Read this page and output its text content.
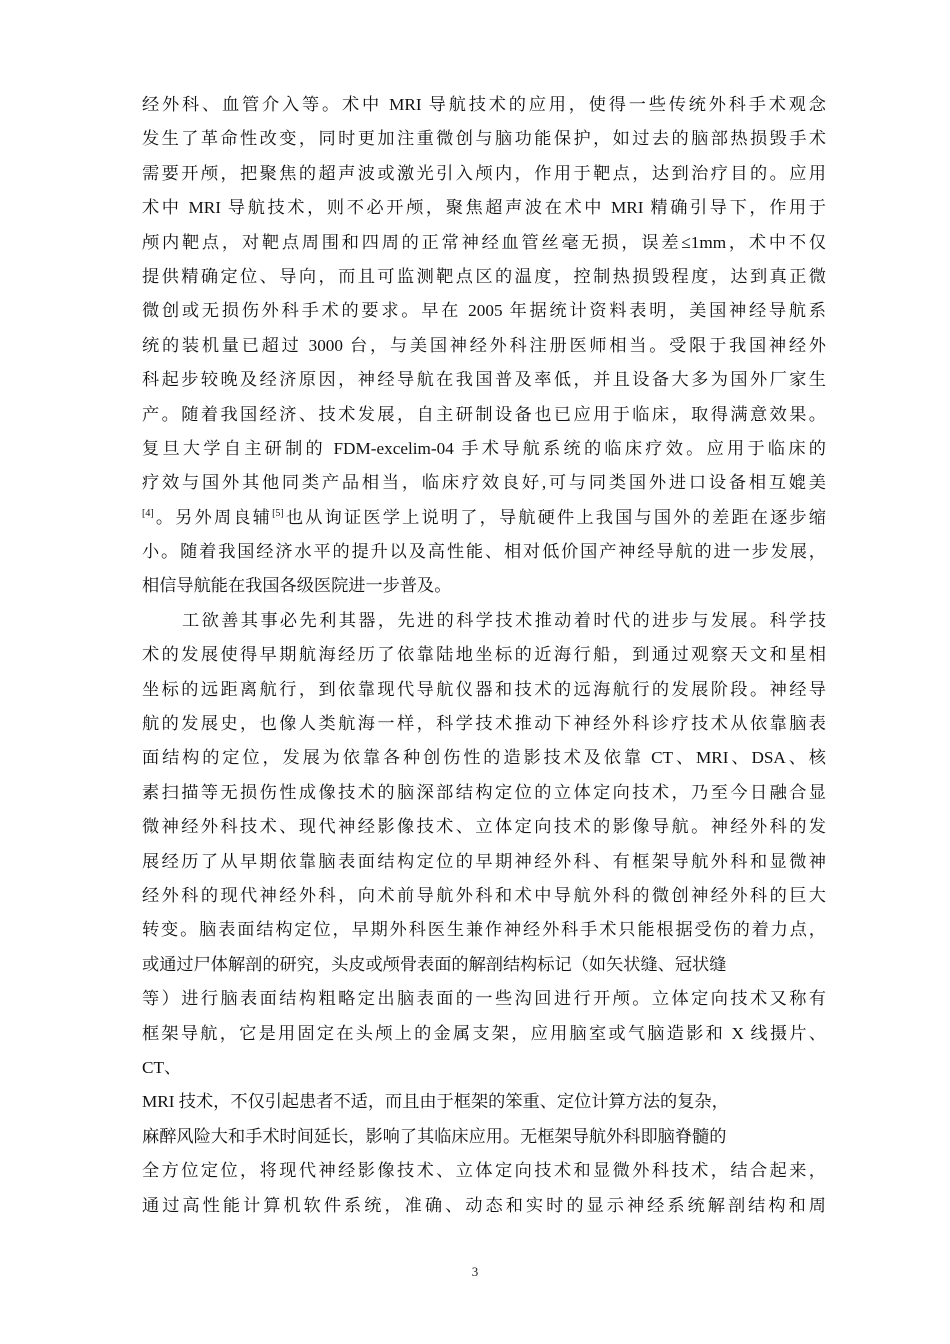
经外科、血管介入等。术中 MRI 导航技术的应用，使得一些传统外科手术观念
发生了革命性改变，同时更加注重微创与脑功能保护，如过去的脑部热损毁手术
需要开颅，把聚焦的超声波或激光引入颅内，作用于靶点，达到治疗目的。应用
术中 MRI 导航技术，则不必开颅，聚焦超声波在术中 MRI 精确引导下，作用于
颅内靶点，对靶点周围和四周的正常神经血管丝毫无损，误差≤1mm，术中不仅
提供精确定位、导向，而且可监测靶点区的温度，控制热损毁程度，达到真正微
微创或无损伤外科手术的要求。早在 2005 年据统计资料表明，美国神经导航系
统的装机量已超过 3000 台，与美国神经外科注册医师相当。受限于我国神经外
科起步较晚及经济原因，神经导航在我国普及率低，并且设备大多为国外厂家生
产。随着我国经济、技术发展，自主研制设备也已应用于临床，取得满意效果。
复旦大学自主研制的 FDM-excelim-04 手术导航系统的临床疗效。应用于临床的
疗效与国外其他同类产品相当，临床疗效良好,可与同类国外进口设备相互媲美
[4]。另外周良辅[5]也从询证医学上说明了，导航硬件上我国与国外的差距在逐步缩
小。随着我国经济水平的提升以及高性能、相对低价国产神经导航的进一步发展，
相信导航能在我国各级医院进一步普及。
工欲善其事必先利其器，先进的科学技术推动着时代的进步与发展。科学技
术的发展使得早期航海经历了依靠陆地坐标的近海行船，到通过观察天文和星相
坐标的远距离航行，到依靠现代导航仪器和技术的远海航行的发展阶段。神经导
航的发展史，也像人类航海一样，科学技术推动下神经外科诊疗技术从依靠脑表
面结构的定位，发展为依靠各种创伤性的造影技术及依靠 CT、MRI、DSA、核
素扫描等无损伤性成像技术的脑深部结构定位的立体定向技术，乃至今日融合显
微神经外科技术、现代神经影像技术、立体定向技术的影像导航。神经外科的发
展经历了从早期依靠脑表面结构定位的早期神经外科、有框架导航外科和显微神
经外科的现代神经外科，向术前导航外科和术中导航外科的微创神经外科的巨大
转变。脑表面结构定位，早期外科医生兼作神经外科手术只能根据受伤的着力点，
或通过尸体解剖的研究，头皮或颅骨表面的解剖结构标记（如矢状缝、冠状缝
等）进行脑表面结构粗略定出脑表面的一些沟回进行开颅。立体定向技术又称有
框架导航，它是用固定在头颅上的金属支架，应用脑室或气脑造影和 X 线摄片、
CT、
MRI 技术，不仅引起患者不适，而且由于框架的笨重、定位计算方法的复杂，
麻醉风险大和手术时间延长，影响了其临床应用。无框架导航外科即脑脊髓的
全方位定位，将现代神经影像技术、立体定向技术和显微外科技术，结合起来，
通过高性能计算机软件系统，准确、动态和实时的显示神经系统解剖结构和周
3
